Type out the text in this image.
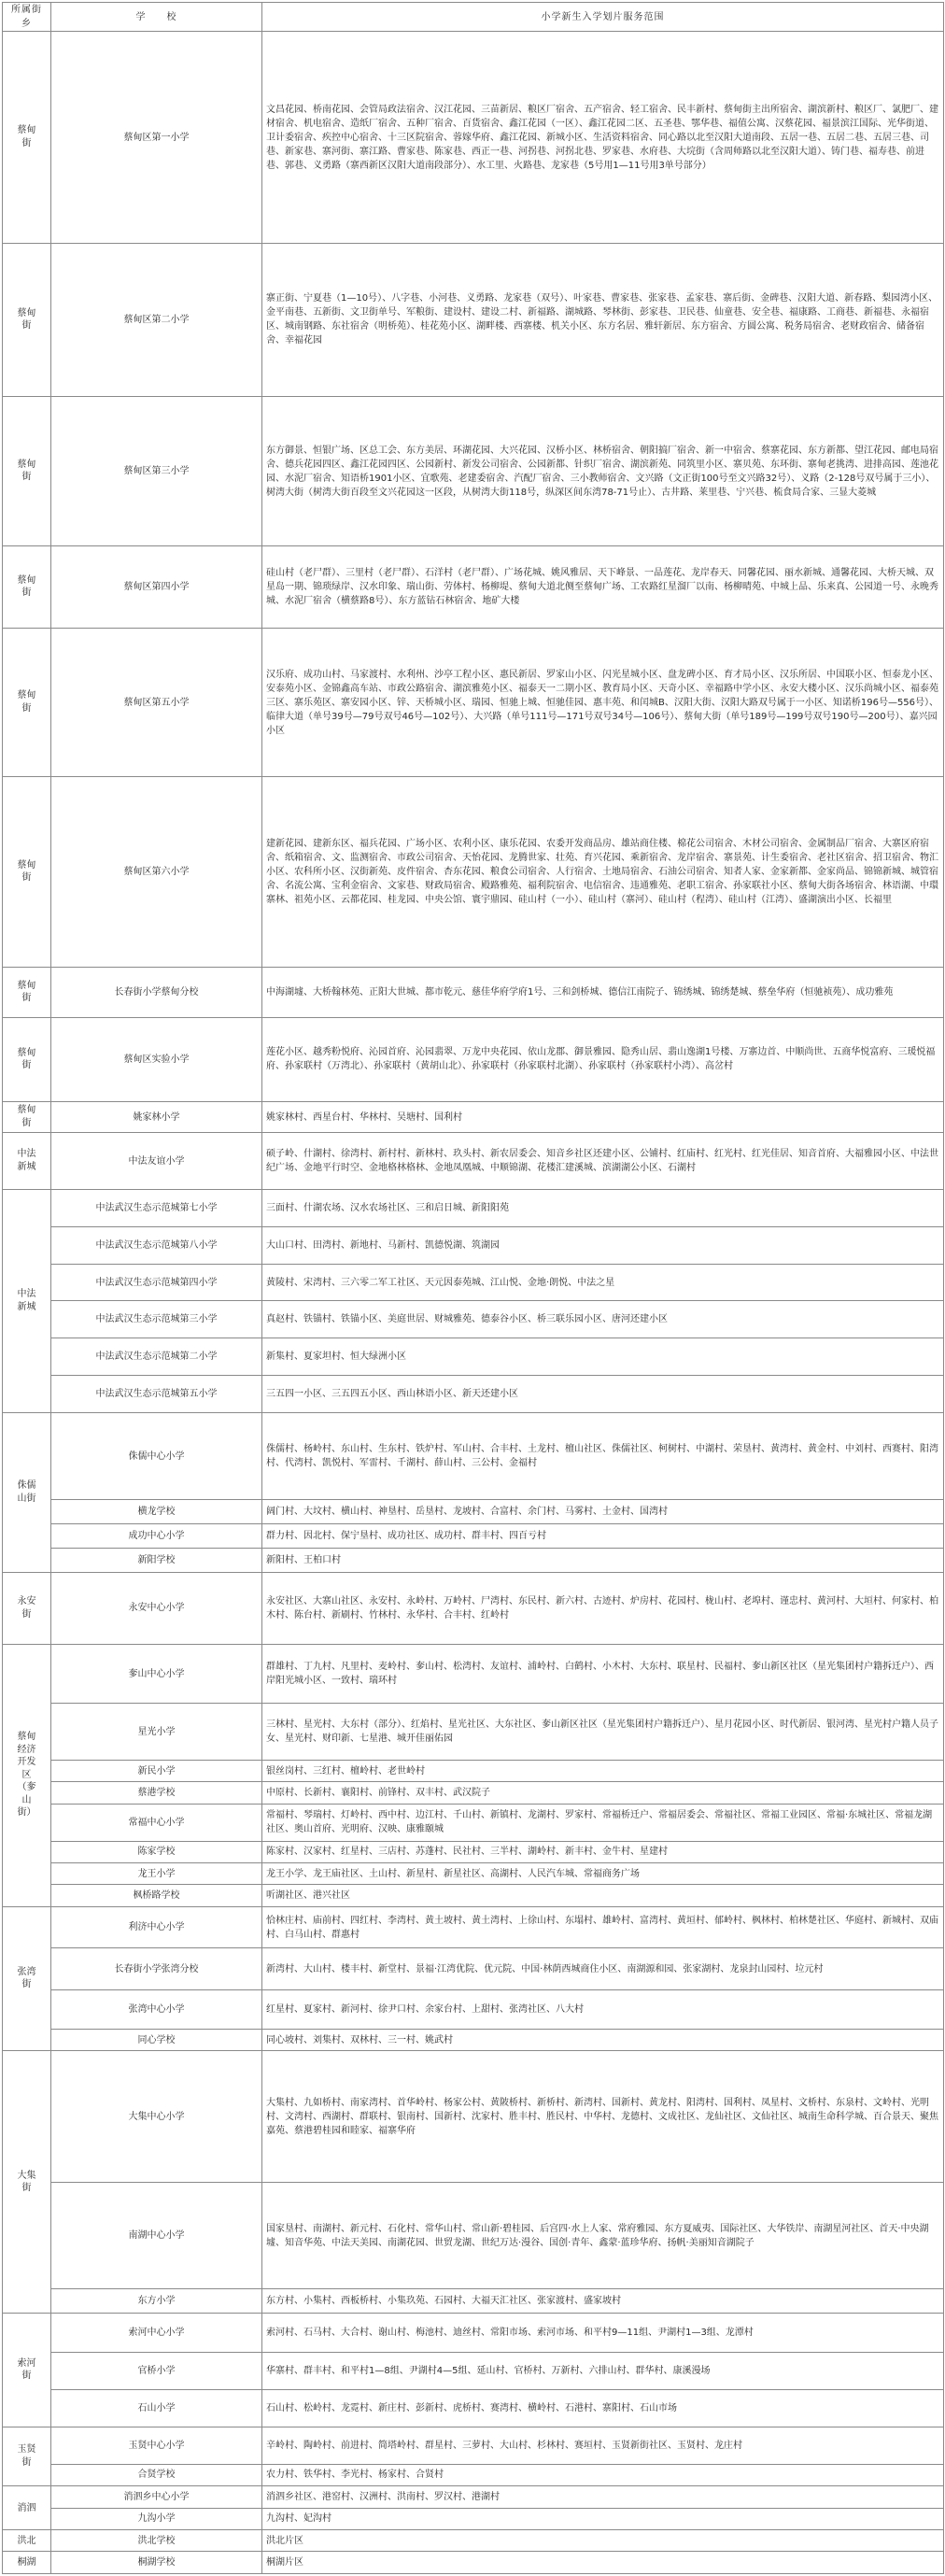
所属街乡	学　　校	小学新生入学划片服务范围
蔡甸街	蔡甸区第一小学	文昌花园、桥南花园、会管局政法宿舍、汉江花园、三苗新居、粮区厂宿舍、五产宿舍、轻工宿舍、民丰新村、蔡甸街主出所宿舍、湖滨新村、粮区厂、氯肥厂、建材宿舍、机电宿舍、造纸厂宿舍、五种厂宿舍、百货宿舍、鑫江花园（一区）、鑫江花园二区、五圣巷、鄂华巷、福值公寓、汉蔡花园、福景滨江国际、光华街道、卫计委宿舍、疾控中心宿舍、十三区院宿舍、蓉嫁华府、鑫江花园、新城小区、生活资料宿舍、同心路以北至汉阳大道南段、五居一巷、五居二巷、五居三巷、司巷、新家巷、寨河街、寨江路、曹家巷、陈家巷、西正一巷、河拐巷、河拐北巷、罗家巷、水府巷、大垸街（含周师路以北至汉阳大道）、铸门巷、福寿巷、前进巷、郭巷、义勇路（寨西新区汉阳大道南段部分）、水工里、火路巷、龙家巷（5号用1—11号用3单号部分）
蔡甸街	蔡甸区第二小学	寨正街、宁夏巷（1—10号）、八字巷、小河巷、义勇路、龙家巷（双号）、叶家巷、曹家巷、张家巷、孟家巷、寨后街、金碑巷、汉阳大道、新春路、梨园湾小区、金平南巷、五新街、文卫街单号、军粮街、建设村、建设二村、新福路、湖城路、琴林街、彭家巷、卫民巷、仙童巷、安全巷、福康路、工商巷、新福巷、永福宿区、城南钢路、东社宿舍（明桥苑）、桂花苑小区、湖畔楼、西寨楼、机关小区、东方名居、雅轩新居、东方宿舍、方圆公寓、税务局宿舍、老财政宿舍、储备宿舍、幸福花园
蔡甸街	蔡甸区第三小学	东方御景、恒银广场、区总工会、东方美居、环湖花园、大兴花园、汉桥小区、林桥宿舍、朝阳搞厂宿舍、新一中宿舍、蔡寨花园、东方新都、望江花园、邮电局宿舍、德兵花园四区、鑫江花园四区、公园新村、新发公司宿舍、公园新都、针织厂宿舍、湖滨新苑、同筑里小区、寨贝苑、东环街、寨甸老挑湾、进排高园、莲池花园、水泥厂宿舍、知语桥1901小区、宜歌苑、老建委宿舍、汽配厂宿舍、三小教师宿舍、文兴路（文正街100号至文兴路32号）、义路（2-128号双号属于三小）、树湾大街（树湾大街百段至文兴花园这一区段，从树湾大街118号，纵深区间东湾78-71号止）、古井路、莱里巷、宁兴巷、梳食局合家、三显大菱城
蔡甸街	蔡甸区第四小学	硅山村（老尸群）、三里村（老尸群）、石洋村（老尸群）、广场花城、姚风雅居、天下峰景、一品莲花、龙岸春天、同馨花园、丽水新城、通馨花园、大桥天城、双星岛一期、锦琐绿岸、汉水印象、瑞山街、劳体村、杨柳堤、蔡甸大道北侧至蔡甸广场、工农路红星溜厂以南、杨柳晴苑、中城上品、乐来真、公园道一号、永晚秀城、水泥厂宿舍（横蔡路8号）、东方蓝钻石林宿舍、地矿大楼
蔡甸街	蔡甸区第五小学	汉乐府、成功山村、马家渡村、水利州、沙亭工程小区、惠民新居、罗家山小区、闪光星城小区、盘龙碑小区、育才局小区、汉乐所居、中国联小区、恒泰龙小区、安泰苑小区、金锦鑫高车站、市政公路宿舍、湖滨雅苑小区、福泰天一二期小区、教育局小区、天奇小区、幸福路中学小区、永安大楼小区、汉乐尚城小区、福泰苑三区、寨乐苑区、寨安园小区、锌、天桥城小区、瑞园、恒驰上城、恒驰佳园、惠丰苑、和闰城B、汉阳大街、汉阳大路双号属于一小区、知诺桥196号—556号）、临律大道（单号39号—79号双号46号—102号）、大兴路（单号111号—171号双号34号—106号）、蔡甸大街（单号189号—199号双号190号—200号）、嘉兴园小区
蔡甸街	蔡甸区第六小学	建新花园、建新东区、福兵花园、广场小区、农利小区、康乐花园、农委开发商品房、雄站商住楼、棉花公司宿舍、木材公司宿舍、金属制品厂宿舍、大寨区府宿舍、纸箱宿舍、文、监测宿舍、市政公司宿舍、天怡花园、龙腾世家、壮苑、育兴花园、乘新宿舍、龙岸宿舍、寨景苑、计生委宿舍、老社区宿舍、招卫宿舍、物汇小区、农科所小区、汉街新苑、皮件宿舍、杏东花园、粮食公司宿舍、人行宿舍、土地局宿舍、石油公司宿舍、知者人家、金家新都、金家尚品、锦锦新城、城管宿舍、名流公寓、宝利金宿舍、文家巷、财政局宿舍、殿路雅苑、福利院宿舍、电信宿舍、违通雅苑、老职工宿舍、孙家联社小区、蔡甸大街各场宿舍、林语湖、中環寨林、祖苑小区、云都花园、桂龙园、中央公馆、寰宇鼎园、硅山村（一小）、硅山村（寨河）、硅山村（程湾）、硅山村（江湾）、盛湖演出小区、长福里
蔡甸街	长春街小学蔡甸分校	中海湖墟、大桥翰林苑、正阳大世城、都市乾元、慈佳华府学府1号、三和剑桥城、德信江南院子、锦绣城、锦绣楚城、蔡垒华府（恒驰祯苑）、成功雅苑
蔡甸街	蔡甸区实验小学	莲花小区、越秀粉悦府、沁园首府、沁园翡翠、万龙中央花园、依山龙郡、御景雅园、隐秀山居、翡山逸湖1号楼、万寨边首、中顺尚世、五商华悦富府、三瑗悦福府、孙家联村（万湾北）、孙家联村（黄胡山北）、孙家联村（孙家联村北湖）、孙家联村（孙家联村小湾）、高岔村
蔡甸街	姚家林小学	姚家林村、西星台村、华林村、吴塘村、国利村
中法新城	中法友谊小学	硕子岭、什湖村、徐湾村、新村村、新林村、玖头村、新农居委会、知音乡社区还建小区、公铺村、红庙村、红光村、红光佳居、知音首府、大福雅园小区、中法世纪广场、金地平行时空、金地格林格林、金地凤凰城、中顺锦湖、花楼汇建溪城、滨湖湖公小区、石湖村
中法新城	中法武汉生态示范城第七小学	三面村、什湖农场、汉水农场社区、三和启日城、新阳阳苑
	中法武汉生态示范城第八小学	大山口村、田湾村、新地村、马新村、凯德悦湖、筑湖园
	中法武汉生态示范城第四小学	黄陵村、宋湾村、三六零二军工社区、天元因泰苑城、江山悦、金地·朗悦、中法之星
	中法武汉生态示范城第三小学	真赵村、铁锚村、铁锚小区、美庭世居、财城雅苑、德泰谷小区、桥三联乐园小区、唐河还建小区
	中法武汉生态示范城第二小学	新集村、夏家坦村、恒大绿洲小区
	中法武汉生态示范城第五小学	三五四一小区、三五四五小区、西山林语小区、新天还建小区
侏儒山街	侏儒中心小学	侏儒村、杨岭村、东山村、生东村、铁炉村、军山村、合丰村、土龙村、檀山社区、侏儒社区、柯树村、中湖村、荣垦村、黄湾村、黄金村、中刘村、西赛村、阳湾村、代湾村、凯悦村、军雷村、千湖村、薛山村、三公村、金福村
	横龙学校	阔门村、大坟村、横山村、神垦村、岳垦村、龙坡村、合富村、余门村、马雾村、土金村、国湾村
	成功中心小学	群力村、因北村、保宁垦村、成功社区、成功村、群丰村、四百亏村
	新阳学校	新阳村、王柏口村
永安街	永安中心小学	永安社区、大寨山社区、永安村、永岭村、万岭村、尸湾村、东民村、新六村、古迹村、炉房村、花园村、栊山村、老埠村、谨忠村、黄河村、大垣村、何家村、柏木村、陈台村、新刷村、竹林村、永华村、合丰村、红岭村
蔡甸经济开发区（奓山街）	奓山中心小学	群雄村、丁九村、凡里村、麦岭村、奓山村、松湾村、友谊村、浦岭村、白鹤村、小木村、大东村、联星村、民福村、奓山新区社区（星光集团村户籍拆迁户）、西岸阳光城小区、一致村、瑞环村
	星光小学	三林村、星光村、大东村（部分）、红焰村、星光社区、大东社区、奓山新区社区（星光集团村户籍拆迁户）、星月花园小区、时代新居、银河湾、星光村户籍人员子女、星光村、财印新、七星港、城开佳丽佑园
	新民小学	银丝岗村、三红村、檀岭村、老世岭村
	蔡港学校	中原村、长新村、襄阳村、前锋村、双丰村、武汉院子
	常福中心小学	常福村、琴瑞村、灯岭村、西中村、边江村、千山村、新镇村、龙湖村、罗家村、常福桥迁户、常福居委会、常福社区、常福工业园区、常福·东城社区、常福龙湖社区、奥山首府、光明府、汉映、康雅颐城
	陈家学校	陈家村、汉家村、红星村、三店村、苏蓬村、民社村、三半村、湖岭村、新丰村、金牛村、星建村
	龙王小学	龙王小学、龙王庙社区、土山村、新星村、新星社区、高湖村、人民汽车城、常福商务广场
	枫桥路学校	听湖社区、港兴社区
张湾街	利济中心小学	恰林庄村、庙前村、四红村、李湾村、黄土坡村、黄土湾村、上徐山村、东塌村、雄岭村、富湾村、黄垣村、郁岭村、枫林村、柏林楚社区、华庭村、新城村、双庙村、白马山村、群惠村
	长春街小学张湾分校	新湾村、大山村、楼丰村、新堂村、景福·江湾优院、优元院、中国·林荫西城商住小区、南湖源和园、张家湖村、龙泉封山园村、垃元村
	张湾中心小学	红星村、夏家村、新河村、徐尹口村、余家台村、上甜村、张湾社区、八大村
	同心学校	同心坡村、刘集村、双林村、三一村、姚武村
大集街	大集中心小学	大集村、九如桥村、南家湾村、首华岭村、杨家公村、黄陂桥村、新桥村、新湾村、国新村、黄龙村、阳湾村、国利村、凤星村、文桥村、东泉村、文岭村、光明村、文湾村、西湖村、群联村、银南村、国新村、沈家村、胜丰村、胜民村、中华村、龙德村、文成社区、龙仙社区、文仙社区、城南生命科学城、百合景天、聚焦嘉苑、蔡港碧桂园和睦家、福寨华府
	南湖中心小学	国家垦村、南湖村、新元村、石化村、常华山村、常山新·碧桂园、后宫四·水上人家、常府雅园、东方夏威夷、国际社区、大华铁岸、南湖星河社区、首天·中央湖墟、知音华苑、中法天美园、南湖花园、世贸龙湖、世纪万达·漫谷、国创·青年、鑫蒙·蓝珍华府、扬帆·美丽知音湖院子
	东方小学	东方村、小集村、西板桥村、小集玖苑、石园村、大福天汇社区、张家渡村、盛家坡村
索河街	索河中心小学	索河村、石马村、大合村、谢山村、梅池村、迪丝村、常阳市场、索河市场、和平村9—11组、尹湖村1—3组、龙潭村
	官桥小学	华寨村、群丰村、和平村1—8组、尹湖村4—5组、延山村、官桥村、万新村、六排山村、群华村、康溪漫场
	石山小学	石山村、松岭村、龙霓村、新庄村、彭新村、虎桥村、赛湾村、横岭村、石港村、寨阳村、石山市场
玉贤街	玉贤中心小学	辛岭村、陶岭村、前进村、简塔岭村、群星村、三萝村、大山村、杉林村、赛垣村、玉贤新街社区、玉贤村、龙庄村
	合贤学校	农力村、铁华村、李光村、杨家村、合贤村
消泗	消泗乡中心小学	消泗乡社区、港窑村、汉洲村、洪南村、罗汉村、港湖村
	九沟小学	九沟村、妃沟村
洪北	洪北学校	洪北片区
桐湖	桐湖学校	桐湖片区
